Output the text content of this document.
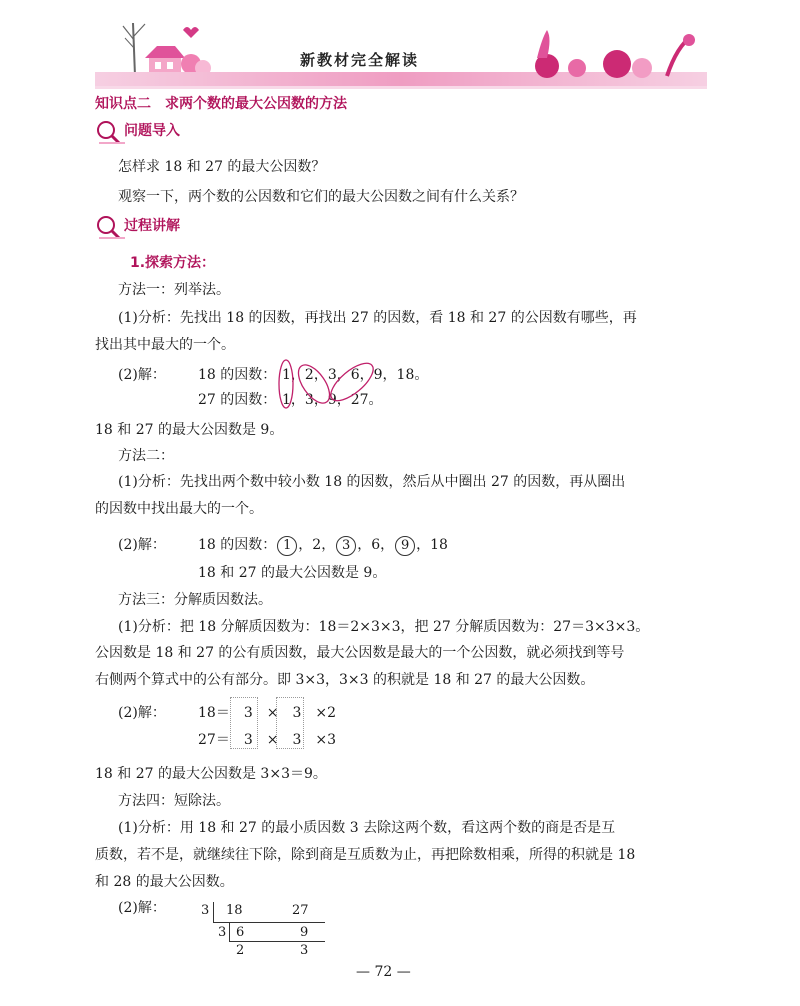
新教材完全解读
知识点二　求两个数的最大公因数的方法
问题导入
怎样求 18 和 27 的最大公因数？
观察一下，两个数的公因数和它们的最大公因数之间有什么关系？
过程讲解
1.探索方法：
方法一：列举法。
(1)分析：先找出 18 的因数，再找出 27 的因数，看 18 和 27 的公因数有哪些，再
找出其中最大的一个。
(2)解： 18 的因数： 1，2，3，6，9，18。
27 的因数： 1，3，9，27。
18 和 27 的最大公因数是 9。
方法二：
(1)分析：先找出两个数中较小数 18 的因数，然后从中圈出 27 的因数，再从圈出
的因数中找出最大的一个。
(2)解： 18 的因数： 1 ，2， 3 ，6， 9 ，18
18 和 27 的最大公因数是 9。
方法三：分解质因数法。
(1)分析：把 18 分解质因数为：18＝2×3×3，把 27 分解质因数为：27＝3×3×3。
公因数是 18 和 27 的公有质因数，最大公因数是最大的一个公因数，就必须找到等号
右侧两个算式中的公有部分。即 3×3，3×3 的积就是 18 和 27 的最大公因数。
(2)解： 18＝　3　×　3　×2
27＝　3　×　3　×3
18 和 27 的最大公因数是 3×3＝9。
方法四：短除法。
(1)分析：用 18 和 27 的最小质因数 3 去除这两个数，看这两个数的商是否是互
质数，若不是，就继续往下除，除到商是互质数为止，再把除数相乘，所得的积就是 18
和 28 的最大公因数。
(2)解：	3 18	27
3 6	9
2	3
— 72 —
